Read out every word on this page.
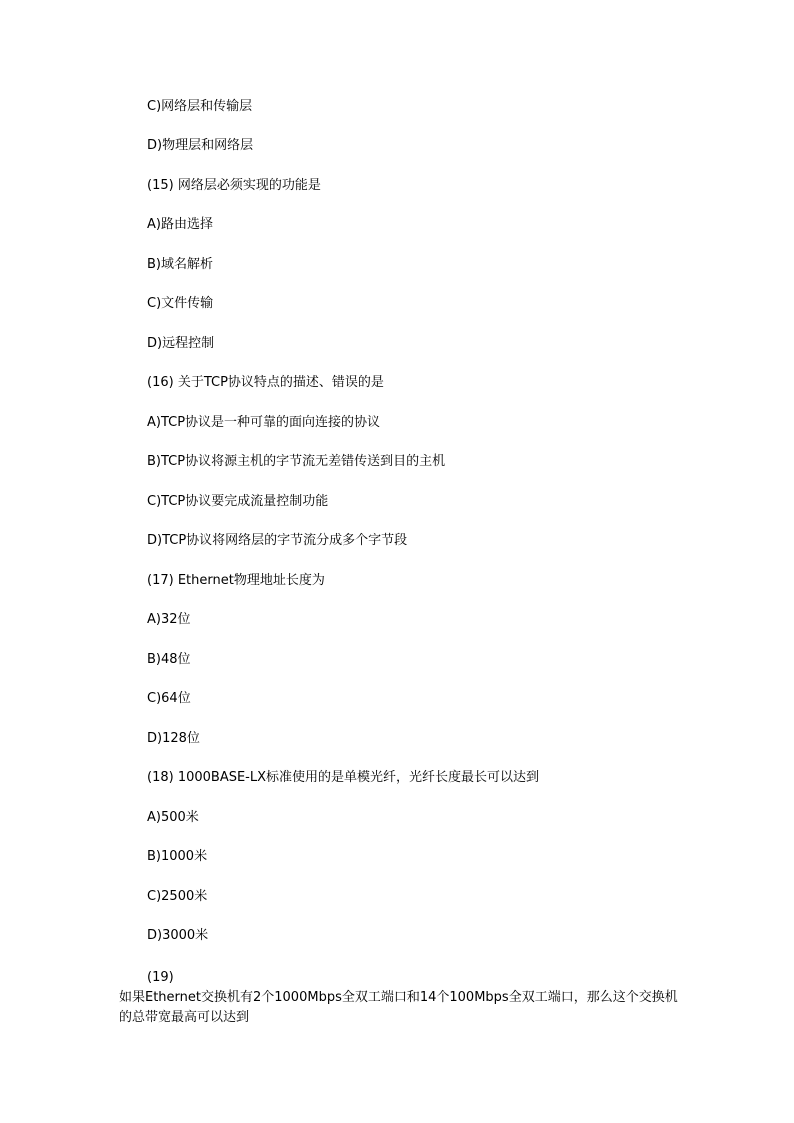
C)网络层和传输层
D)物理层和网络层
(15) 网络层必须实现的功能是
A)路由选择
B)域名解析
C)文件传输
D)远程控制
(16) 关于TCP协议特点的描述、错误的是
A)TCP协议是一种可靠的面向连接的协议
B)TCP协议将源主机的字节流无差错传送到目的主机
C)TCP协议要完成流量控制功能
D)TCP协议将网络层的字节流分成多个字节段
(17) Ethernet物理地址长度为
A)32位
B)48位
C)64位
D)128位
(18) 1000BASE-LX标准使用的是单模光纤，光纤长度最长可以达到
A)500米
B)1000米
C)2500米
D)3000米
(19)
如果Ethernet交换机有2个1000Mbps全双工端口和14个100Mbps全双工端口，那么这个交换机的总带宽最高可以达到
